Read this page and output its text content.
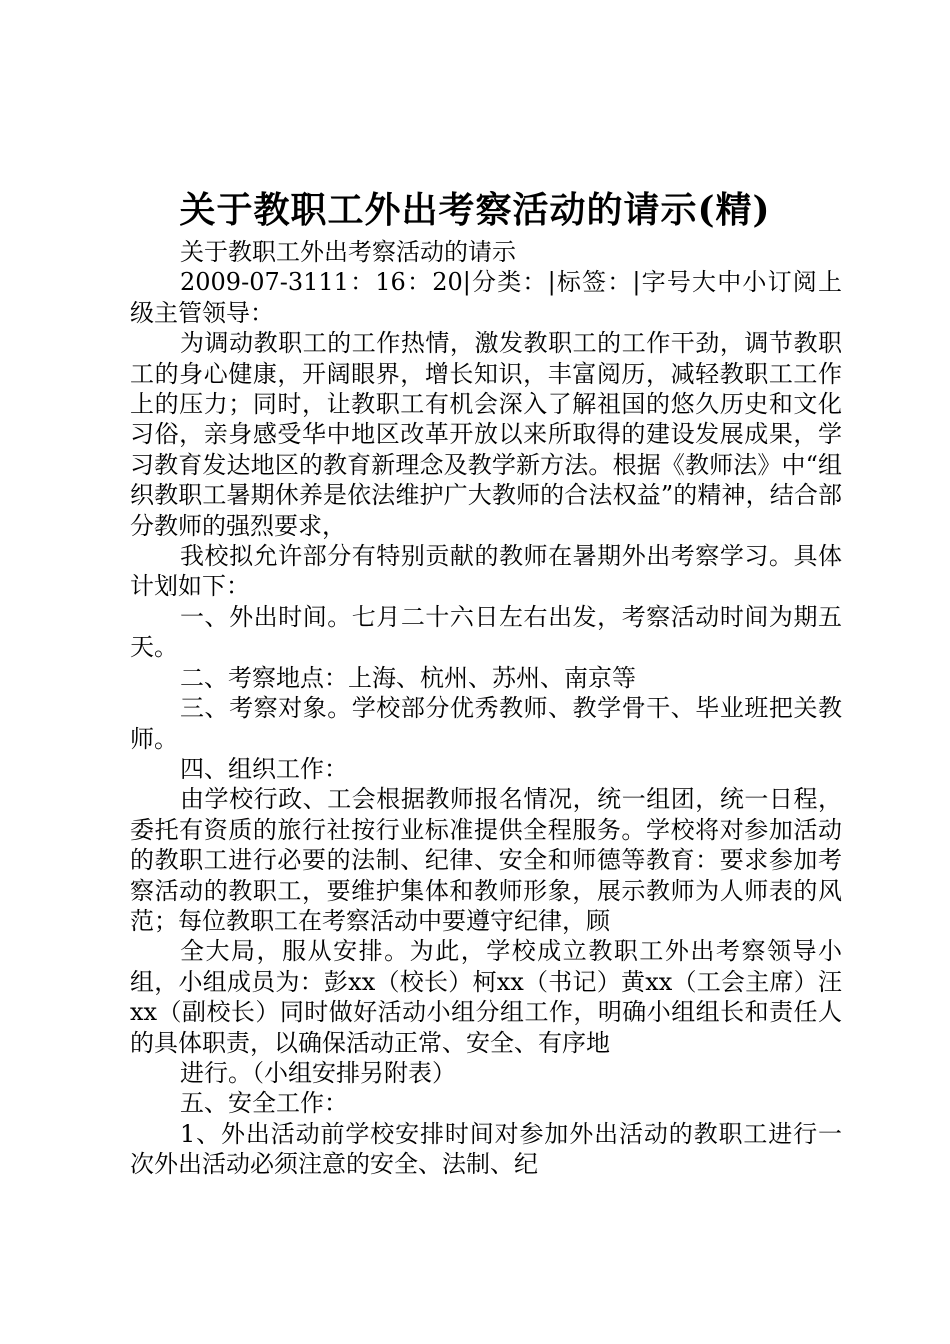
关于教职工外出考察活动的请示(精)

关于教职工外出考察活动的请示

2009-07-3111：16：20|分类：|标签：|字号大中小订阅上级主管领导：

为调动教职工的工作热情，激发教职工的工作干劲，调节教职工的身心健康，开阔眼界，增长知识，丰富阅历，减轻教职工工作上的压力；同时，让教职工有机会深入了解祖国的悠久历史和文化习俗，亲身感受华中地区改革开放以来所取得的建设发展成果，学习教育发达地区的教育新理念及教学新方法。根据《教师法》中“组织教职工暑期休养是依法维护广大教师的合法权益”的精神，结合部分教师的强烈要求，

我校拟允许部分有特别贡献的教师在暑期外出考察学习。具体计划如下：

一、外出时间。七月二十六日左右出发，考察活动时间为期五天。

二、考察地点：上海、杭州、苏州、南京等

三、考察对象。学校部分优秀教师、教学骨干、毕业班把关教师。

四、组织工作：

由学校行政、工会根据教师报名情况，统一组团，统一日程，委托有资质的旅行社按行业标准提供全程服务。学校将对参加活动的教职工进行必要的法制、纪律、安全和师德等教育：要求参加考察活动的教职工，要维护集体和教师形象，展示教师为人师表的风范；每位教职工在考察活动中要遵守纪律，顾

全大局，服从安排。为此，学校成立教职工外出考察领导小组，小组成员为：彭xx（校长）柯xx（书记）黄xx（工会主席）汪xx（副校长）同时做好活动小组分组工作，明确小组组长和责任人的具体职责，以确保活动正常、安全、有序地

进行。（小组安排另附表）

五、安全工作：

1、外出活动前学校安排时间对参加外出活动的教职工进行一次外出活动必须注意的安全、法制、纪
